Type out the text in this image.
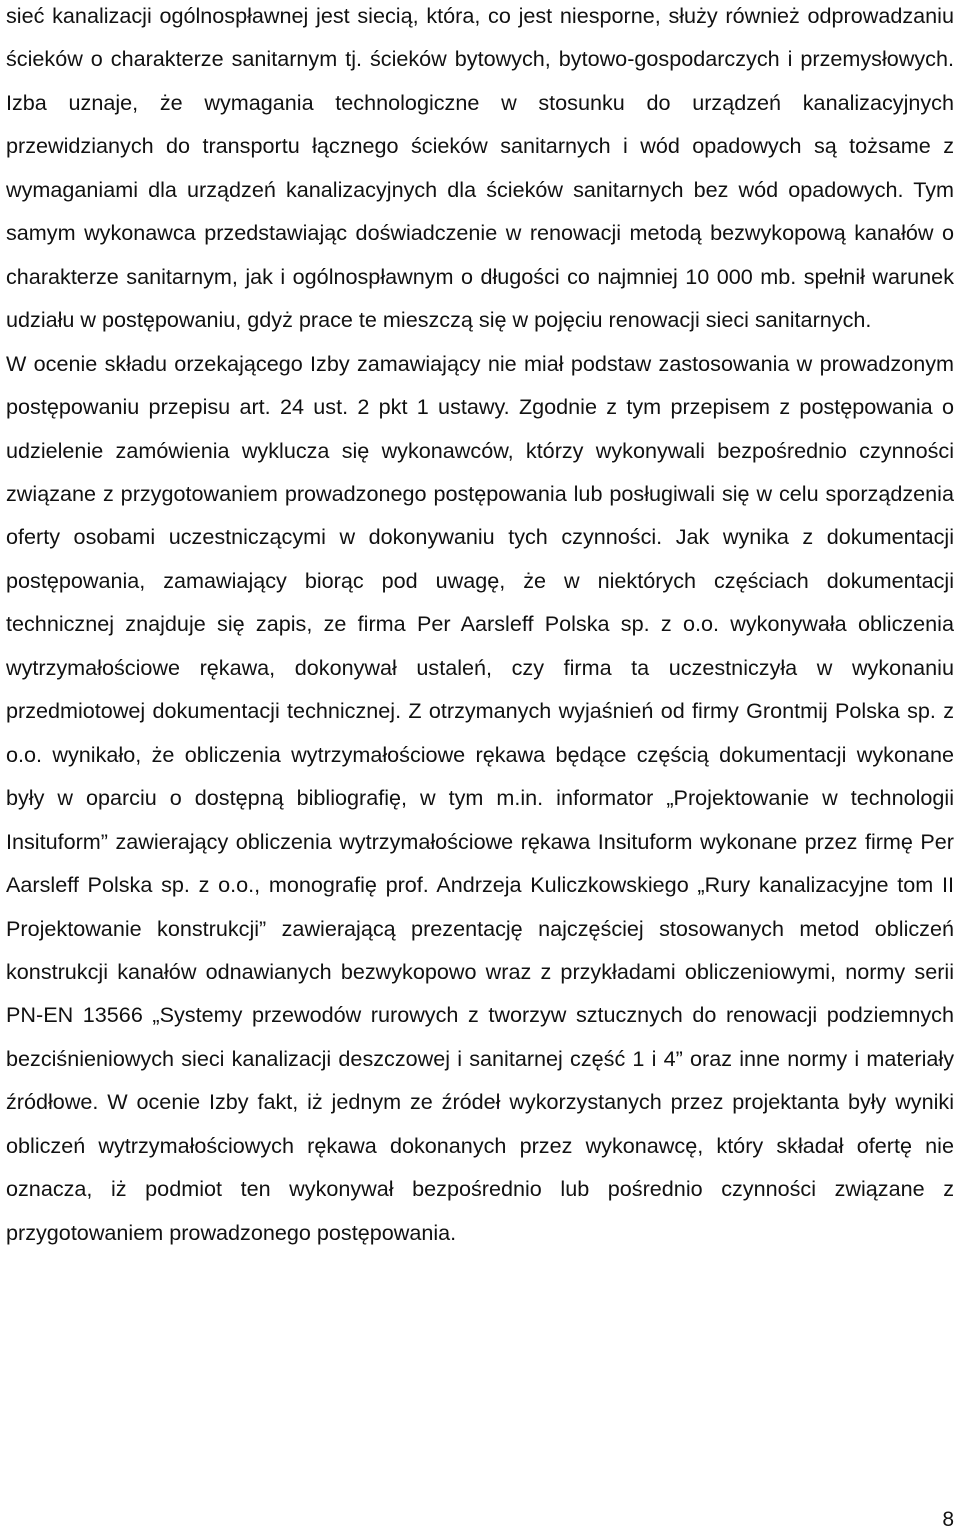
sieć kanalizacji ogólnospławnej jest siecią, która, co jest niesporne, służy również odprowadzaniu ścieków o charakterze sanitarnym tj. ścieków bytowych, bytowo-gospodarczych i przemysłowych. Izba uznaje, że wymagania technologiczne w stosunku do urządzeń kanalizacyjnych przewidzianych do transportu łącznego ścieków sanitarnych i wód opadowych są tożsame z wymaganiami dla urządzeń kanalizacyjnych dla ścieków sanitarnych bez wód opadowych. Tym samym wykonawca przedstawiając doświadczenie w renowacji metodą bezwykopową kanałów o charakterze sanitarnym, jak i ogólnospławnym o długości co najmniej 10 000 mb. spełnił warunek udziału w postępowaniu, gdyż prace te mieszczą się w pojęciu renowacji sieci sanitarnych.

W ocenie składu orzekającego Izby zamawiający nie miał podstaw zastosowania w prowadzonym postępowaniu przepisu art. 24 ust. 2 pkt 1 ustawy. Zgodnie z tym przepisem z postępowania o udzielenie zamówienia wyklucza się wykonawców, którzy wykonywali bezpośrednio czynności związane z przygotowaniem prowadzonego postępowania lub posługiwali się w celu sporządzenia oferty osobami uczestniczącymi w dokonywaniu tych czynności. Jak wynika z dokumentacji postępowania, zamawiający biorąc pod uwagę, że w niektórych częściach dokumentacji technicznej znajduje się zapis, ze firma Per Aarsleff Polska sp. z o.o. wykonywała obliczenia wytrzymałościowe rękawa, dokonywał ustaleń, czy firma ta uczestniczyła w wykonaniu przedmiotowej dokumentacji technicznej. Z otrzymanych wyjaśnień od firmy Grontmij Polska sp. z o.o. wynikało, że obliczenia wytrzymałościowe rękawa będące częścią dokumentacji wykonane były w oparciu o dostępną bibliografię, w tym m.in. informator „Projektowanie w technologii Insituform” zawierający obliczenia wytrzymałościowe rękawa Insituform wykonane przez firmę Per Aarsleff Polska sp. z o.o., monografię prof. Andrzeja Kuliczkowskiego „Rury kanalizacyjne tom II Projektowanie konstrukcji” zawierającą prezentację najczęściej stosowanych metod obliczeń konstrukcji kanałów odnawianych bezwykopowo wraz z przykładami obliczeniowymi, normy serii PN-EN 13566 „Systemy przewodów rurowych z tworzyw sztucznych do renowacji podziemnych bezciśnieniowych sieci kanalizacji deszczowej i sanitarnej część 1 i 4” oraz inne normy i materiały źródłowe. W ocenie Izby fakt, iż jednym ze źródeł wykorzystanych przez projektanta były wyniki obliczeń wytrzymałościowych rękawa dokonanych przez wykonawcę, który składał ofertę nie oznacza, iż podmiot ten wykonywał bezpośrednio lub pośrednio czynności związane z przygotowaniem prowadzonego postępowania.

8
